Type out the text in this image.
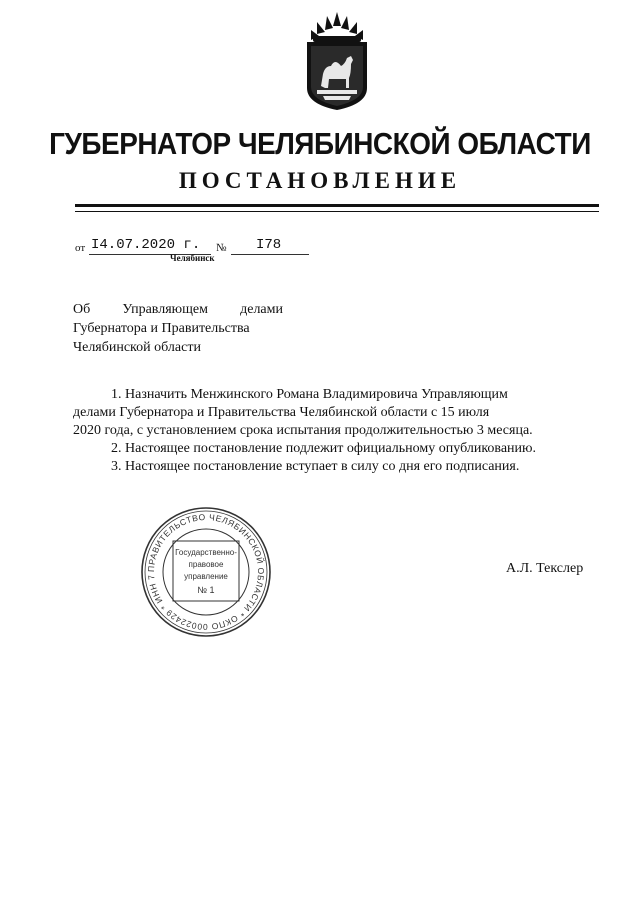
ГУБЕРНАТОР ЧЕЛЯБИНСКОЙ ОБЛАСТИ
ПОСТАНОВЛЕНИЕ
от I4.07.2020 г. № I78
Челябинск
Об Управляющем делами
Губернатора и Правительства
Челябинской области

1. Назначить Менжинского Романа Владимировича Управляющим

делами Губернатора и Правительства Челябинской области с 15 июля

2020 года, с установлением срока испытания продолжительностью 3 месяца.

2. Настоящее постановление подлежит официальному опубликованию.

3. Настоящее постановление вступает в силу со дня его подписания.

ПРАВИТЕЛЬСТВО ЧЕЛЯБИНСКОЙ ОБЛАСТИ * ОКПО 00022429 * ИНН 7
Государственно-
правовое
управление
№ 1
А.Л. Текслер
